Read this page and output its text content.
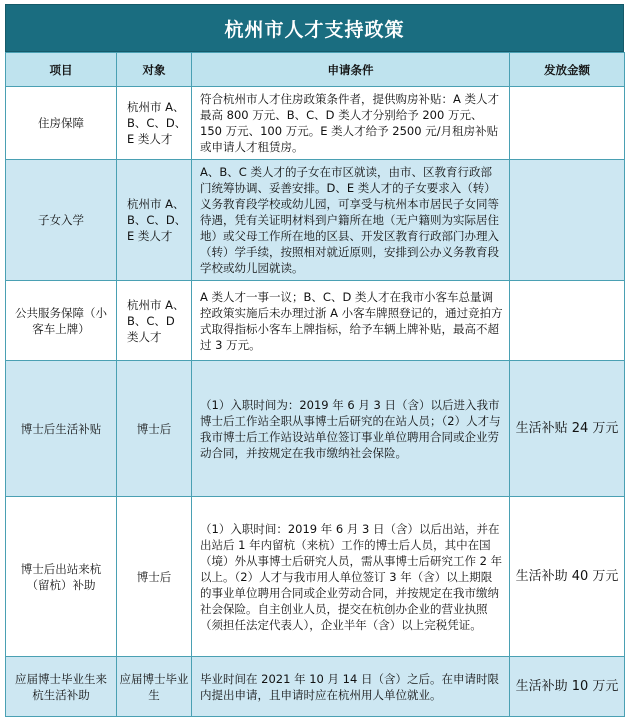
杭州市人才支持政策
项目	对象	申请条件	发放金额
住房保障	杭州市 A、B、C、D、E 类人才	符合杭州市人才住房政策条件者，提供购房补贴：A 类人才最高 800 万元、B、C、D 类人才分别给予 200 万元、150 万元、100 万元。E 类人才给予 2500 元/月租房补贴或申请人才租赁房。	
子女入学	杭州市 A、B、C、D、E 类人才	A、B、C 类人才的子女在市区就读，由市、区教育行政部门统筹协调、妥善安排。D、E 类人才的子女要求入（转）义务教育段学校或幼儿园，可享受与杭州本市居民子女同等待遇，凭有关证明材料到户籍所在地（无户籍则为实际居住地）或父母工作所在地的区县、开发区教育行政部门办理入（转）学手续，按照相对就近原则，安排到公办义务教育段学校或幼儿园就读。	
公共服务保障（小客车上牌）	杭州市 A、B、C、D 类人才	A 类人才一事一议；B、C、D 类人才在我市小客车总量调控政策实施后未办理过浙 A 小客车牌照登记的，通过竞拍方式取得指标小客车上牌指标，给予车辆上牌补贴，最高不超过 3 万元。	
博士后生活补贴	博士后	（1）入职时间为：2019 年 6 月 3 日（含）以后进入我市博士后工作站全职从事博士后研究的在站人员；（2）人才与我市博士后工作站设站单位签订事业单位聘用合同或企业劳动合同，并按规定在我市缴纳社会保险。	生活补贴 24 万元
博士后出站来杭（留杭）补助	博士后	（1）入职时间：2019 年 6 月 3 日（含）以后出站，并在出站后 1 年内留杭（来杭）工作的博士后人员，其中在国（境）外从事博士后研究人员，需从事博士后研究工作 2 年以上。（2）人才与我市用人单位签订 3 年（含）以上期限的事业单位聘用合同或企业劳动合同，并按规定在我市缴纳社会保险。自主创业人员，提交在杭创办企业的营业执照（须担任法定代表人），企业半年（含）以上完税凭证。	生活补助 40 万元
应届博士毕业生来杭生活补助	应届博士毕业生	毕业时间在 2021 年 10 月 14 日（含）之后。在申请时限内提出申请，且申请时应在杭州用人单位就业。	生活补助 10 万元
